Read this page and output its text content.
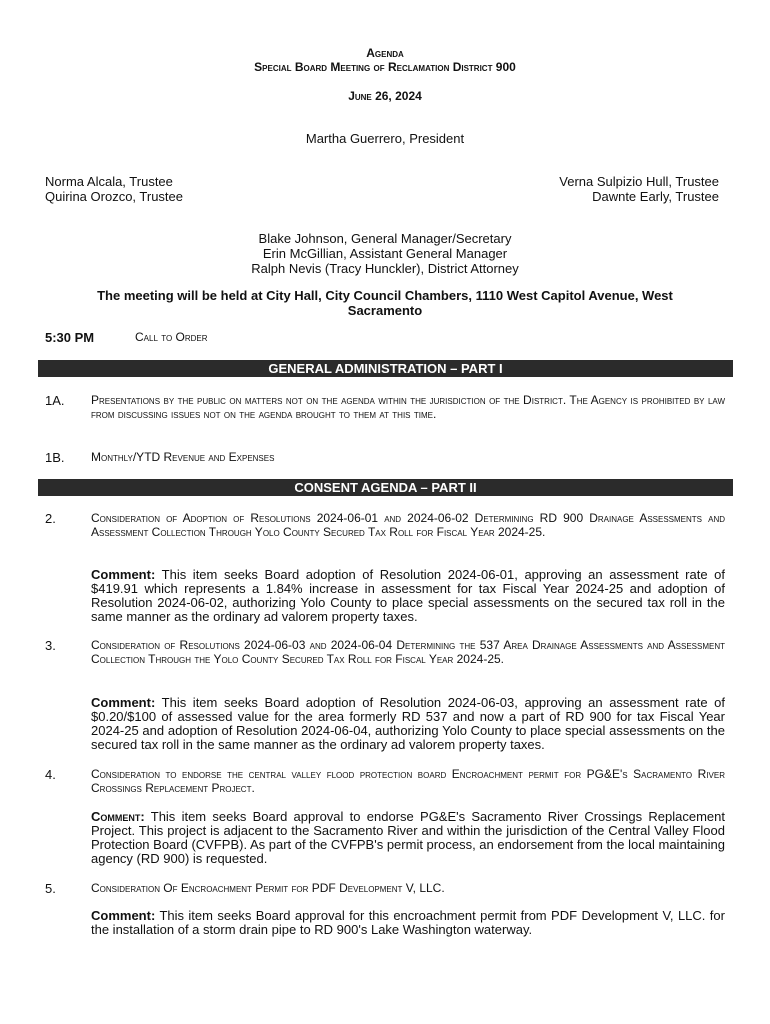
Agenda
Special Board Meeting of Reclamation District 900
June 26, 2024
Martha Guerrero, President
Norma Alcala, Trustee
Quirina Orozco, Trustee
Verna Sulpizio Hull, Trustee
Dawnte Early, Trustee
Blake Johnson, General Manager/Secretary
Erin McGillian, Assistant General Manager
Ralph Nevis (Tracy Hunckler), District Attorney
The meeting will be held at City Hall, City Council Chambers, 1110 West Capitol Avenue, West Sacramento
5:30 PM	Call to Order
GENERAL ADMINISTRATION – PART I
1A. Presentations by the public on matters not on the agenda within the jurisdiction of the District. The Agency is prohibited by law from discussing issues not on the agenda brought to them at this time.
1B. Monthly/YTD Revenue and Expenses
CONSENT AGENDA – PART II
2.	Consideration of Adoption of Resolutions 2024-06-01 and 2024-06-02 Determining RD 900 Drainage Assessments and Assessment Collection Through Yolo County Secured Tax Roll for Fiscal Year 2024-25.
Comment: This item seeks Board adoption of Resolution 2024-06-01, approving an assessment rate of $419.91 which represents a 1.84% increase in assessment for tax Fiscal Year 2024-25 and adoption of Resolution 2024-06-02, authorizing Yolo County to place special assessments on the secured tax roll in the same manner as the ordinary ad valorem property taxes.
3.	Consideration of Resolutions 2024-06-03 and 2024-06-04 Determining the 537 Area Drainage Assessments and Assessment Collection Through the Yolo County Secured Tax Roll for Fiscal Year 2024-25.
Comment: This item seeks Board adoption of Resolution 2024-06-03, approving an assessment rate of $0.20/$100 of assessed value for the area formerly RD 537 and now a part of RD 900 for tax Fiscal Year 2024-25 and adoption of Resolution 2024-06-04, authorizing Yolo County to place special assessments on the secured tax roll in the same manner as the ordinary ad valorem property taxes.
4.	Consideration to endorse the central valley flood protection board Encroachment permit for PG&E's Sacramento River Crossings Replacement Project.
Comment: This item seeks Board approval to endorse PG&E's Sacramento River Crossings Replacement Project. This project is adjacent to the Sacramento River and within the jurisdiction of the Central Valley Flood Protection Board (CVFPB). As part of the CVFPB's permit process, an endorsement from the local maintaining agency (RD 900) is requested.
5.	Consideration Of Encroachment Permit for PDF Development V, LLC.
Comment: This item seeks Board approval for this encroachment permit from PDF Development V, LLC. for the installation of a storm drain pipe to RD 900's Lake Washington waterway.
